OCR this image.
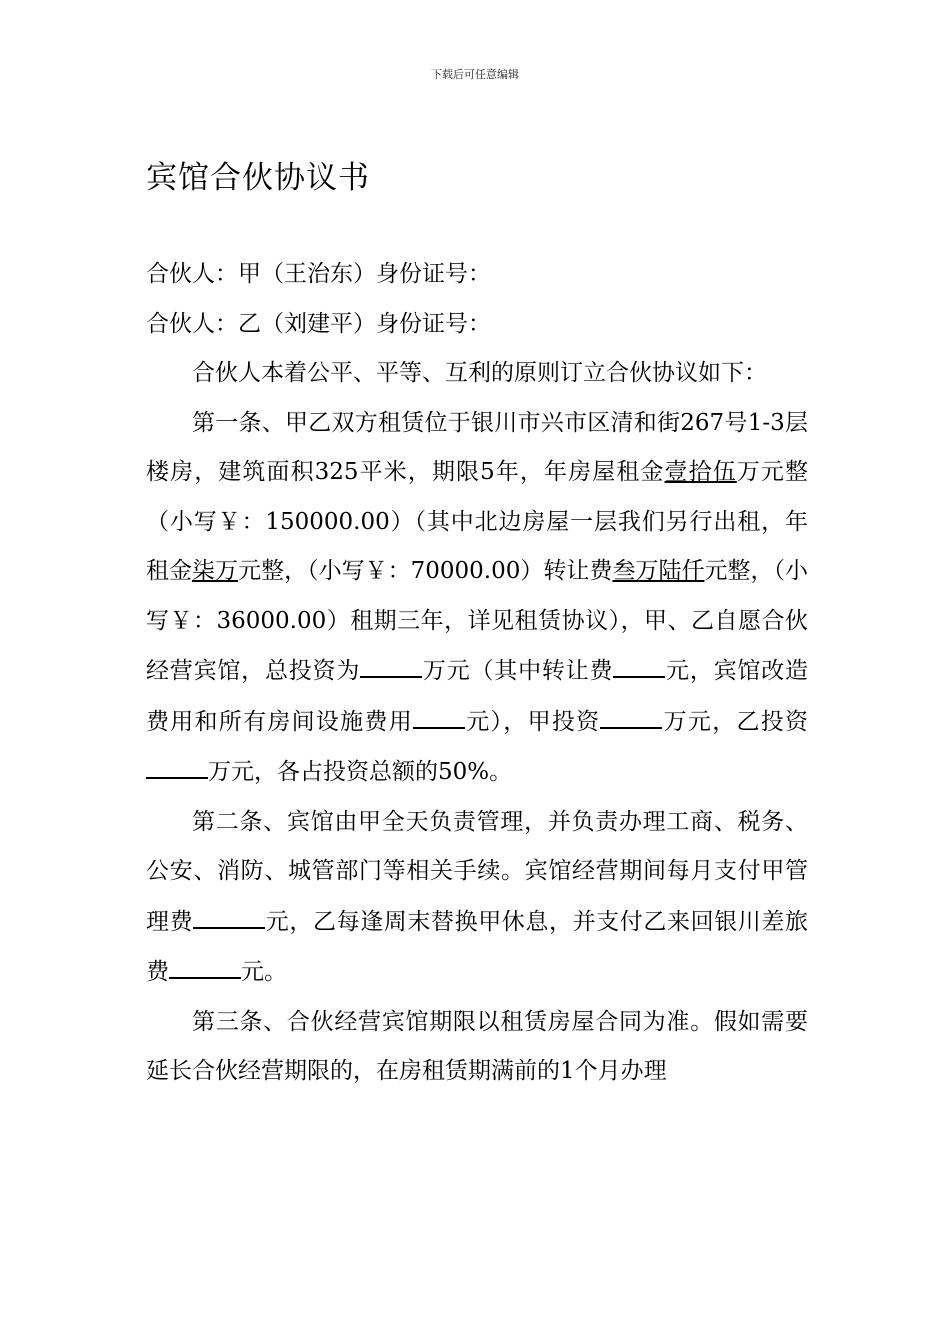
下载后可任意编辑
宾馆合伙协议书

合伙人：甲（王治东）身份证号：

合伙人：乙（刘建平）身份证号：

合伙人本着公平、平等、互利的原则订立合伙协议如下：

第一条、甲乙双方租赁位于银川市兴市区清和街267号1-3层楼房，建筑面积325平米，期限5年，年房屋租金壹拾伍万元整（小写￥：150000.00）（其中北边房屋一层我们另行出租，年租金柒万元整，（小写￥：70000.00）转让费叁万陆仟元整，（小写￥：36000.00）租期三年，详见租赁协议），甲、乙自愿合伙经营宾馆，总投资为	万元（其中转让费 元，宾馆改造费用和所有房间设施费用 元），甲投资	万元，乙投资万元，各占投资总额的50%。

第二条、宾馆由甲全天负责管理，并负责办理工商、税务、公安、消防、城管部门等相关手续。宾馆经营期间每月支付甲管理费	元，乙每逢周末替换甲休息，并支付乙来回银川差旅费	元。

第三条、合伙经营宾馆期限以租赁房屋合同为准。假如需要延长合伙经营期限的，在房租赁期满前的1个月办理
